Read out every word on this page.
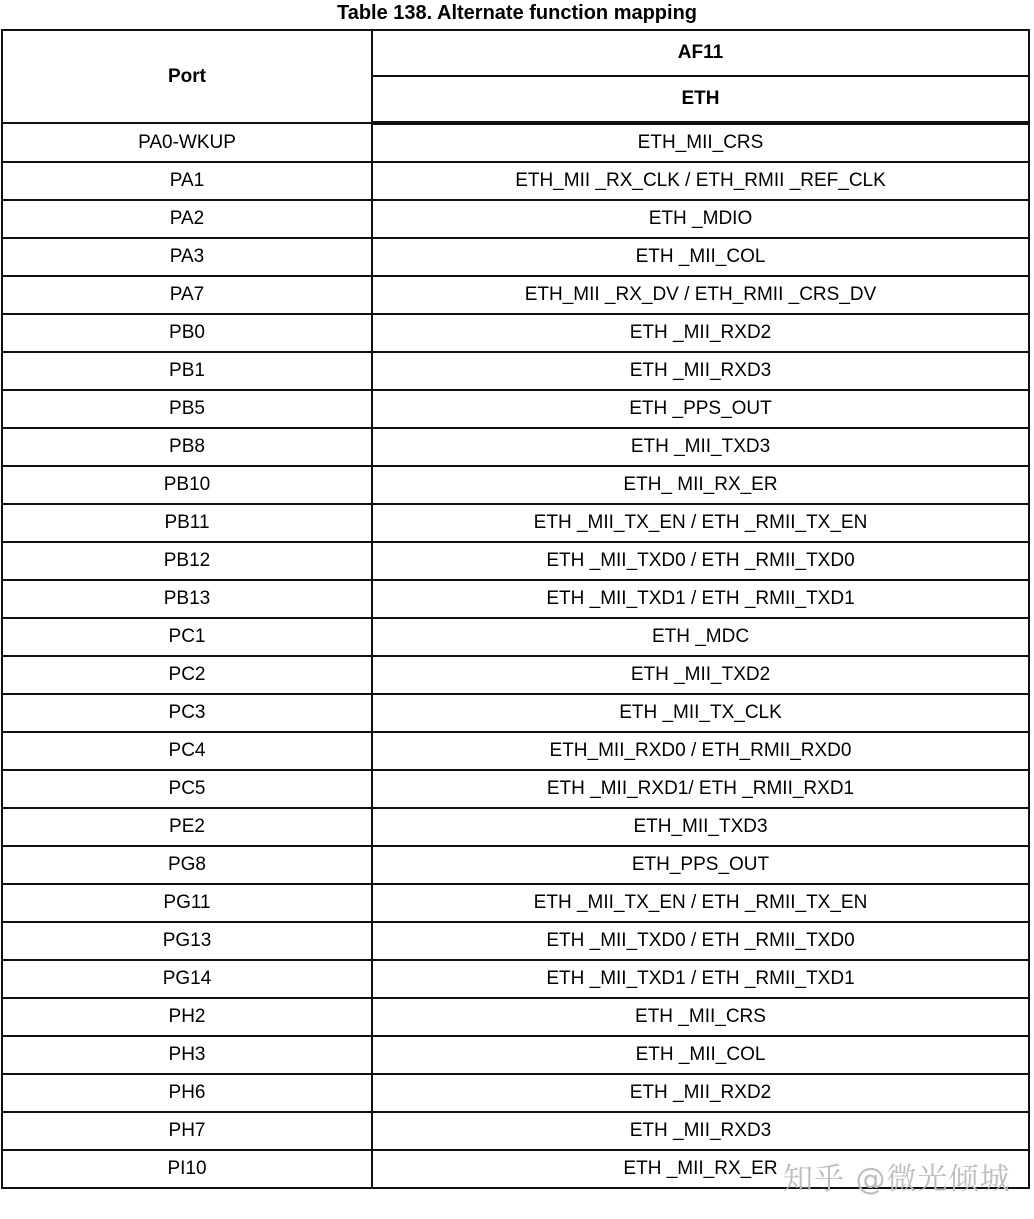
Table 138. Alternate function mapping
Port	AF11
	ETH
PA0-WKUP	ETH_MII_CRS
PA1	ETH_MII _RX_CLK / ETH_RMII _REF_CLK
PA2	ETH _MDIO
PA3	ETH _MII_COL
PA7	ETH_MII _RX_DV / ETH_RMII _CRS_DV
PB0	ETH _MII_RXD2
PB1	ETH _MII_RXD3
PB5	ETH _PPS_OUT
PB8	ETH _MII_TXD3
PB10	ETH_ MII_RX_ER
PB11	ETH _MII_TX_EN / ETH _RMII_TX_EN
PB12	ETH _MII_TXD0 / ETH _RMII_TXD0
PB13	ETH _MII_TXD1 / ETH _RMII_TXD1
PC1	ETH _MDC
PC2	ETH _MII_TXD2
PC3	ETH _MII_TX_CLK
PC4	ETH_MII_RXD0 / ETH_RMII_RXD0
PC5	ETH _MII_RXD1/ ETH _RMII_RXD1
PE2	ETH_MII_TXD3
PG8	ETH_PPS_OUT
PG11	ETH _MII_TX_EN / ETH _RMII_TX_EN
PG13	ETH _MII_TXD0 / ETH _RMII_TXD0
PG14	ETH _MII_TXD1 / ETH _RMII_TXD1
PH2	ETH _MII_CRS
PH3	ETH _MII_COL
PH6	ETH _MII_RXD2
PH7	ETH _MII_RXD3
PI10	ETH _MII_RX_ER 知乎 @微光倾城
